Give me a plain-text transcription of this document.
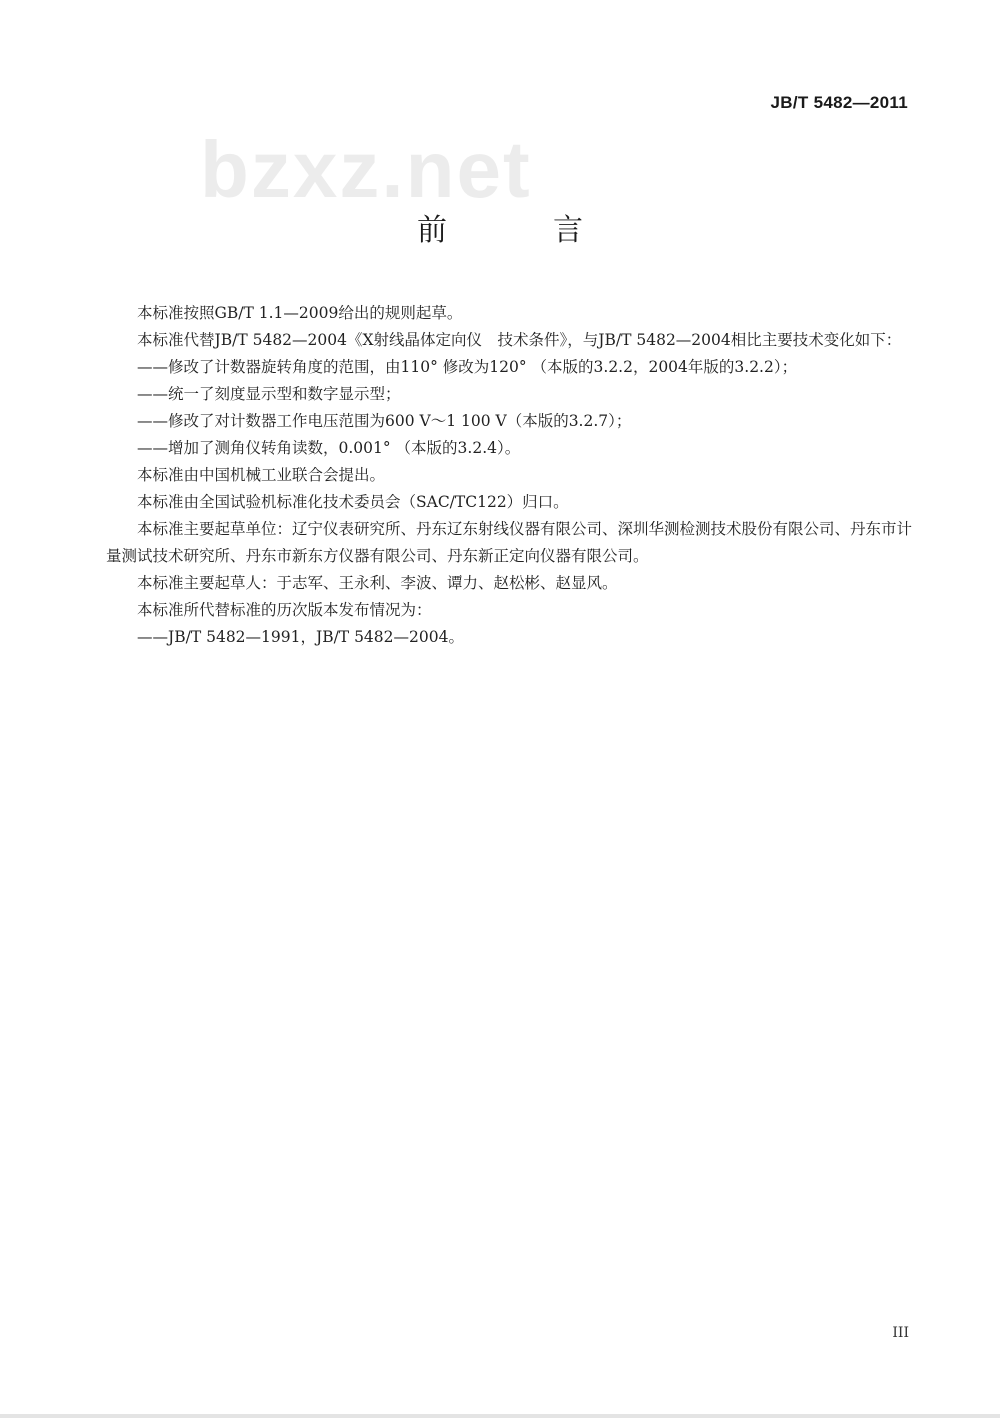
JB/T 5482—2011
bzxz.net
前　言

本标准按照GB/T 1.1—2009给出的规则起草。

本标准代替JB/T 5482—2004《X射线晶体定向仪　技术条件》，与JB/T 5482—2004相比主要技术变化如下：

——修改了计数器旋转角度的范围，由110° 修改为120° （本版的3.2.2，2004年版的3.2.2）；

——统一了刻度显示型和数字显示型；

——修改了对计数器工作电压范围为600 V～1 100 V（本版的3.2.7）；

——增加了测角仪转角读数，0.001° （本版的3.2.4）。

本标准由中国机械工业联合会提出。

本标准由全国试验机标准化技术委员会（SAC/TC122）归口。

本标准主要起草单位：辽宁仪表研究所、丹东辽东射线仪器有限公司、深圳华测检测技术股份有限公司、丹东市计量测试技术研究所、丹东市新东方仪器有限公司、丹东新正定向仪器有限公司。

本标准主要起草人：于志军、王永利、李波、谭力、赵松彬、赵显风。

本标准所代替标准的历次版本发布情况为：

——JB/T 5482—1991，JB/T 5482—2004。

III
